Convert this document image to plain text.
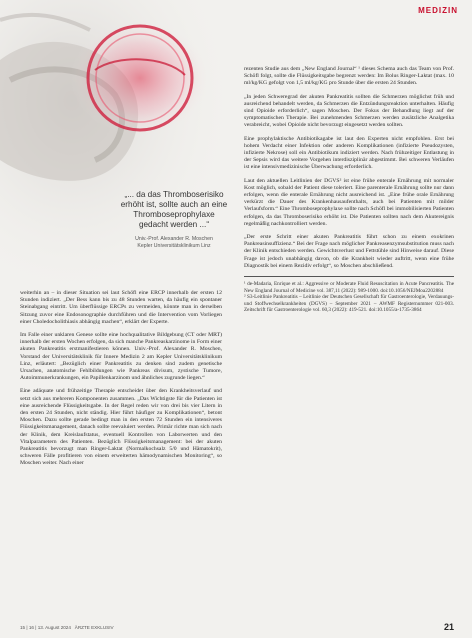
MEDIZIN
„... da das Thromboserisiko erhöht ist, sollte auch an eine Thromboseprophylaxe gedacht werden ...“
Univ.-Prof. Alexander R. Moschen
Kepler Universitätsklinikum Linz

weiterhin an – in dieser Situation sei laut Schöfl eine ERCP innerhalb der ersten 12 Stunden indiziert. „Der Bess kann bis zu 48 Stunden warten, da häufig ein spontaner Steinabgang eintritt. Um überflüssige ERCPs zu vermeiden, könnte man in derselben Sitzung zuvor eine Endosonographie durchführen und die Intervention vom Vorliegen einer Choledocholithiasis abhängig machen“, erklärt der Experte.

Im Falle einer unklaren Genese sollte eine hochqualitative Bildgebung (CT oder MRT) innerhalb der ersten Wochen erfolgen, da sich manche Pankreaskarzinome in Form einer akuten Pankreatitis erstmanifestieren können. Univ.-Prof. Alexander R. Moschen, Vorstand der Universitätsklinik für Innere Medizin 2 am Kepler Universitätsklinikum Linz, erläutert: „Bezüglich einer Pankreatitis zu denken sind zudem genetische Ursachen, anatomische Fehlbildungen wie Pankreas divisum, zystische Tumore, Autoimmunerkrankungen, ein Papillenkarzinom und ähnliches zugrunde liegen.“

Eine adäquate und frühzeitige Therapie entscheidet über den Krankheitsverlauf und setzt sich aus mehreren Komponenten zusammen. „Das Wichtigste für die Patienten ist eine ausreichende Flüssigkeitsgabe. In der Regel reden wir von drei bis vier Litern in den ersten 24 Stunden, nicht ständig. Hier führt häufiger zu Komplikationen“, betont Moschen. Dazu sollte gerade bedingt man in den ersten 72 Stunden ein intensiveres Flüssigkeitsmanagement, danach sollte reevaluiert werden. Primär richte man sich nach der Klinik, dem Kreislaufstatus, eventuell Kontrollen von Laborwerten und den Vitalparametern des Patienten. Bezüglich Flüssigkeitsmanagement: bei der akuten Pankreatitis bevorzugt man Ringer-Laktat (Normalkochsalz 5/0 und Hämatokrit), schweren Fälle profitieren von einem erweiterten hämodynamischen Monitoring“, so Moschen weiter. Nach einer

rezenten Studie aus dem „New England Journal“ ¹ dieses Schema auch das Team von Prof. Schöfl folgt, sollte die Flüssigkeitsgabe begrenzt werden: Im Bolus Ringer-Laktat (max. 10 ml/kg/KG gefolgt von 1,5 ml/kg/KG pro Stunde über die ersten 24 Stunden.

„In jeden Schweregrad der akuten Pankreatitis sollten die Schmerzen möglichst früh und ausreichend behandelt werden, da Schmerzen die Entzündungsreaktion unterhalten. Häufig sind Opioide erforderlich“, sagen Moschen. Der Fokus der Behandlung liegt auf der symptomatischen Therapie. Bei zunehmenden Schmerzen werden zusätzliche Analgetika verabreicht, wobei Opioide nicht bevorzugt eingesetzt werden sollten.

Eine prophylaktische Antibiotikagabe ist laut den Experten nicht empfohlen. Erst bei hohem Verdacht einer Infektion oder anderen Komplikationen (infizierte Pseudozysten, infizierte Nekrose) soll ein Antibiotikum indiziert werden. Nach frühzeitiger Entlastung in der Sepsis wird das weitere Vorgehen interdisziplinär abgestimmt. Bei schweren Verläufen ist eine intensivmedizinische Überwachung erforderlich.

Laut den aktuellen Leitlinien der DGVS² ist eine frühe enterale Ernährung mit normaler Kost möglich, sobald der Patient diese toleriert. Eine parenterale Ernährung sollte nur dann erfolgen, wenn die enterale Ernährung nicht ausreichend ist. „Eine frühe orale Ernährung verkürzt die Dauer des Krankenhausaufenthalts, auch bei Patienten mit milder Verlaufsform.“ Eine Thromboseprophylaxe sollte nach Schöfl bei immobilisierten Patienten erfolgen, da das Thromboserisiko erhöht ist. Die Patienten sollten nach dem Akutereignis regelmäßig nachkontrolliert werden.

„Der erste Schritt einer akuten Pankreatitis führt schon zu einem exokrinen Pankreasinsuffizienz.“ Bei der Frage nach möglicher Pankreasenzymsubstitution muss nach der Klinik entschieden werden. Gewichtsverlust und Fettstühle sind Hinweise darauf. Diese Frage ist jedoch unabhängig davon, ob die Krankheit wieder auftritt, wenn eine frühe Diagnostik bei einem Rezidiv erfolgt“, so Moschen abschließend.

¹ de-Madaria, Enrique et al.: Aggressive or Moderate Fluid Resuscitation in Acute Pancreatitis. The New England Journal of Medicine vol. 387,11 (2022): 989-1000. doi:10.1056/NEJMoa2202884
² S3-Leitlinie Pankreatitis – Leitlinie der Deutschen Gesellschaft für Gastroenterologie, Verdauungs- und Stoffwechselkrankheiten (DGVS) – September 2021 – AWMF Registernummer 021-003. Zeitschrift für Gastroenterologie vol. 60,3 (2022): 419-521. doi:10.1055/a-1735-3864
15 | 16 | 13. August 2024 ÄRZTE EXKLUSIV	21
